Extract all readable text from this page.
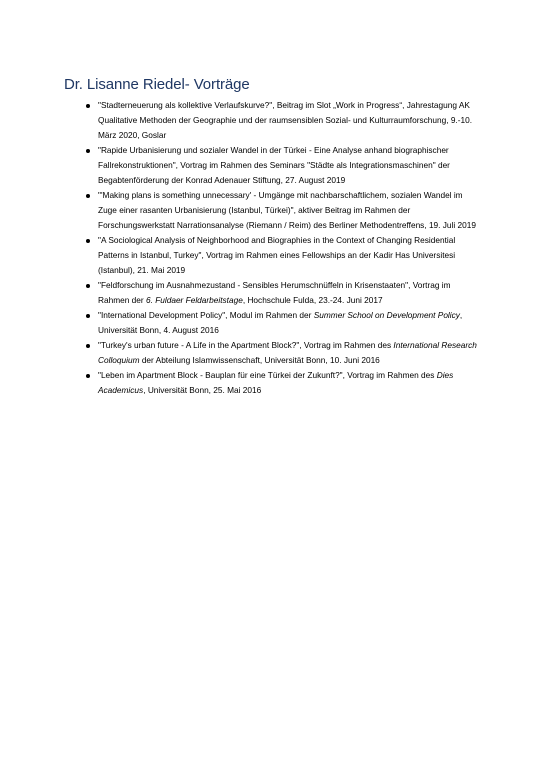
Dr. Lisanne Riedel- Vorträge
"Stadterneuerung als kollektive Verlaufskurve?", Beitrag im Slot „Work in Progress“, Jahrestagung AK Qualitative Methoden der Geographie und der raumsensiblen Sozial- und Kulturraumforschung, 9.-10. März 2020, Goslar
"Rapide Urbanisierung und sozialer Wandel in der Türkei - Eine Analyse anhand biographischer Fallrekonstruktionen", Vortrag im Rahmen des Seminars "Städte als Integrationsmaschinen" der Begabtenförderung der Konrad Adenauer Stiftung, 27. August 2019
"'Making plans is something unnecessary' - Umgänge mit nachbarschaftlichem, sozialen Wandel im Zuge einer rasanten Urbanisierung (Istanbul, Türkei)", aktiver Beitrag im Rahmen der Forschungswerkstatt Narrationsanalyse (Riemann / Reim) des Berliner Methodentreffens, 19. Juli 2019
"A Sociological Analysis of Neighborhood and Biographies in the Context of Changing Residential Patterns in Istanbul, Turkey", Vortrag im Rahmen eines Fellowships an der Kadir Has Universitesi (Istanbul), 21. Mai 2019
"Feldforschung im Ausnahmezustand - Sensibles Herumschnüffeln in Krisenstaaten", Vortrag im Rahmen der 6. Fuldaer Feldarbeitstage, Hochschule Fulda, 23.-24. Juni 2017
"International Development Policy", Modul im Rahmen der Summer School on Development Policy, Universität Bonn, 4. August 2016
"Turkey's urban future - A Life in the Apartment Block?", Vortrag im Rahmen des International Research Colloquium der Abteilung Islamwissenschaft, Universität Bonn, 10. Juni 2016
"Leben im Apartment Block - Bauplan für eine Türkei der Zukunft?", Vortrag im Rahmen des Dies Academicus, Universität Bonn, 25. Mai 2016
